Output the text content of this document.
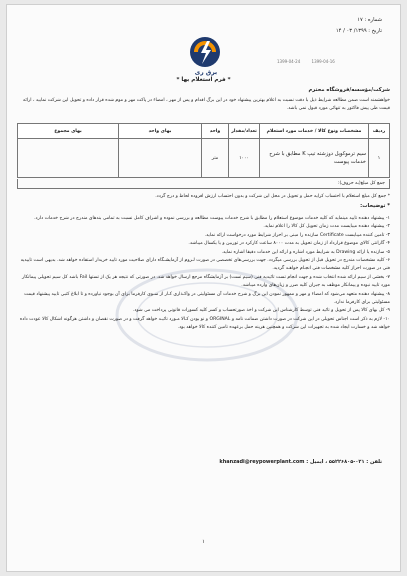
شماره : ۱۷
تاریخ : ۱۳۹۹/ ۰۳ / ۱۴
برق ری
1399-04-24	1399-04-16
* فرم استعلام بها *
شرکت/مؤسسه/فروشگاه محترم
خواهشمند است ضمن مطالعه شرایط ذیل با دقت نسبت به اعلام بهترین پیشنهاد خود در این برگ اقدام و پس از مهر ، امضاء در پاکت مهر و موم شده قرار داده و تحویل این شرکت نمایید ، ارائه قیمت طی پیش فاکتور به تنهائی مورد قبول نمی باشد.
ردیف	مشخصات ونوع کالا / خدمات مورد استعلام	تعداد/مقدار	واحد	بهای واحد	بهای مجموع
۱	سیم ترموکوپل دوزشته تیپ K مطابق با شرح خدمات پیوست	۱۰۰۰	متر		
جمع کل مبلغ(به حروف):
* جمع کل مبلغ استعلام با احتساب کرایه حمل و تحویل در محل این شرکت و بدون احتساب ارزش افزوده لحاظ و درج گردد.
* توضیحات:

۱- پیشنهاد دهنده تایید مینماید که کلیه خدمات موضوع استعلام را مطابق با شرح خدمات پیوست مطالعه و بررسی نموده و اشراف کامل نسبت به تمامی بندهای مندرج در شرح خدمات دارد.

۲- پیشنهاد دهنده میبایست مدت زمان تحویل کل کالا را اعلام نماید.

۳- تامین کننده میبایست Certificate سازنده را مبنی بر احراز شرایط مورد درخواست ارائه نماید.

۴- گارانتی کالای موضوع قرارداد از زمان تحویل به مدت ۸۰۰۰ ساعت کارکرد در توربین و یا یکسال میباشد.

۵- سازنده یا ارائه Drawing به شرایط مورد اشاره و ارائه این خدمات دقیقا اشاره نماید.

۶- کلیه مشخصات مندرج در تحویل قبل از تحویل بررسی میگردد. جهت بررسی‌های تخصصی در صورت لـزوم از آزمایشـگاه دارای صلاحیت مورد تایید خریدار استفاده خواهد شد. بدیهی است تاییدیه فنی در صورت احراز کلیه مشخصات فنی انجـام خواهـد گردید.

۷- بخشی از سیم ارائه شده انتخاب شده و جهت انجام تست تائیدیه فنی (سیم تست) بر آزمایشگاه مرجع ارسال خواهد شد. در صورتی که نتیجه هر یک از تستها Fail باشد کل سیم تحویلی پیمانکار مورد تایید نبوده و پیمانکار موظف به جبران کلیه ضرر و زیان‌های وارده میباشد.

۸- پیشنهاد دهنده متعهد می‌شود که امضاء و مهر و ممهور نمودن این برگ و شرح خدمات آن مسئولیتی در واکـذاری کـار از سـوی کارفرما برای آن بوجود نیاورده و تا ابلاغ کتبی تایید پیشنهاد قیمت مسئولیتی برای کارفرما ندارد.

۹- کل بهای کالا پس از تحویل و تائید فنی توسط کارشناس این شرکت و اخذ صورتحساب و کسر کلیه کسورات قانونی پرداخت می شود.

۱۰- لازم به ذکر است اجناس تحویلی در این شرکت در صورت داشتن ضمانت نامه و ORGINAL و نو بودن کـالا مـورد تائیـد خواهد گرفت و در صورت نقصان و داشتن هرگونه اشکال کالا عودت داده خواهد شد و خسارت ایجاد شده به تجهیزات این شرکت و همچنین هزینه حمل برعهده تامین کننده کالا خواهد بود.

تلفن : ۰۲۱-۵۵۲۲۶۸۰۵ ، ایمیل : khanzadi@reypowerplant.com
۱
